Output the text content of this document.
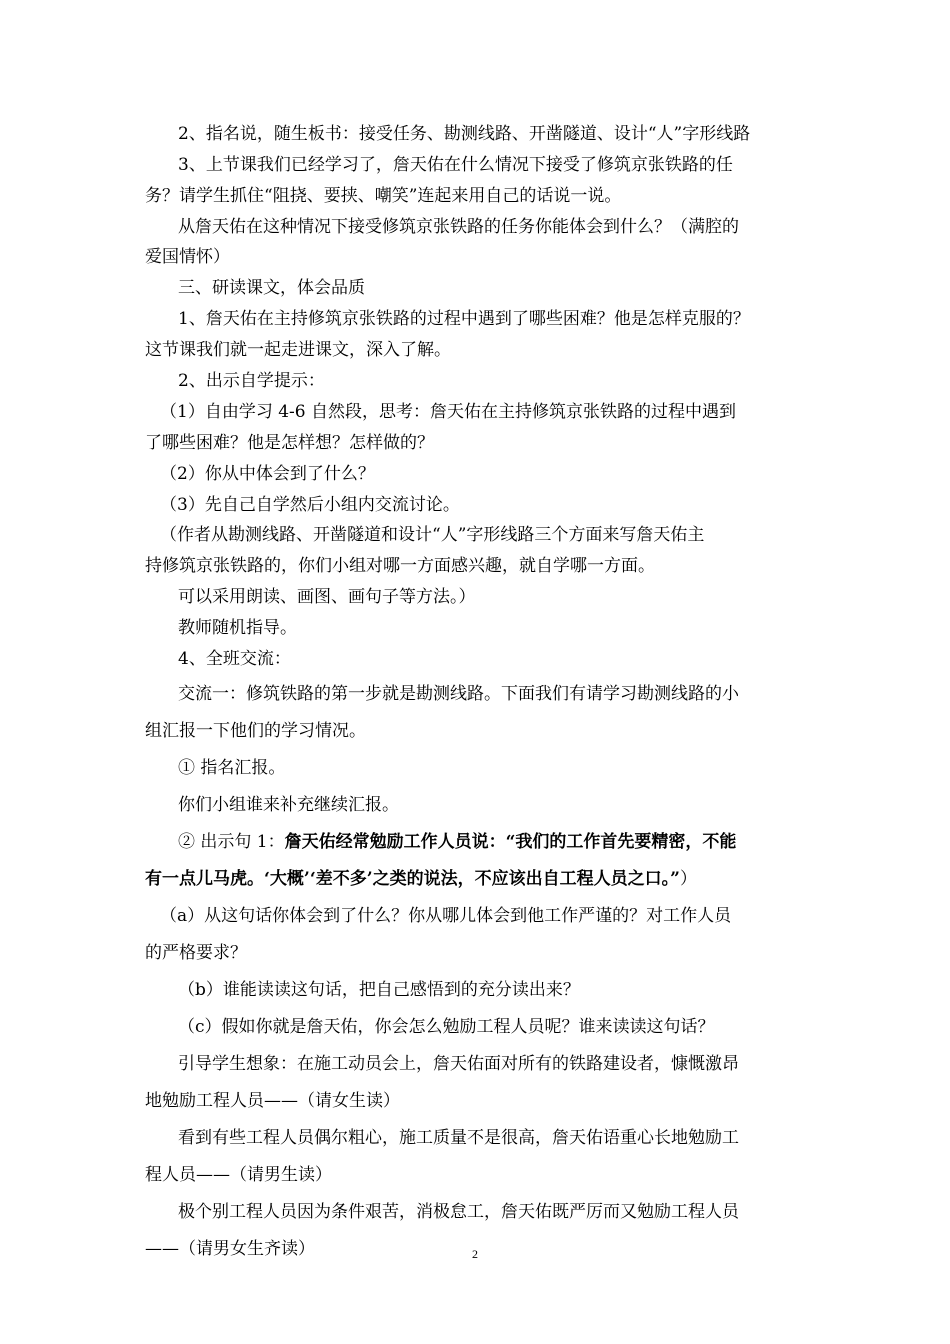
2、指名说，随生板书：接受任务、勘测线路、开凿隧道、设计“人”字形线路
3、上节课我们已经学习了，詹天佑在什么情况下接受了修筑京张铁路的任
务？请学生抓住“阻挠、要挟、嘲笑”连起来用自己的话说一说。
从詹天佑在这种情况下接受修筑京张铁路的任务你能体会到什么？（满腔的
爱国情怀）
三、研读课文，体会品质
1、詹天佑在主持修筑京张铁路的过程中遇到了哪些困难？他是怎样克服的？
这节课我们就一起走进课文，深入了解。
2、出示自学提示：
（1）自由学习 4-6 自然段，思考：詹天佑在主持修筑京张铁路的过程中遇到
了哪些困难？他是怎样想？怎样做的？
（2）你从中体会到了什么？
（3）先自己自学然后小组内交流讨论。
（作者从勘测线路、开凿隧道和设计“人”字形线路三个方面来写詹天佑主
持修筑京张铁路的，你们小组对哪一方面感兴趣，就自学哪一方面。
可以采用朗读、画图、画句子等方法。）
教师随机指导。
4、全班交流：
交流一：修筑铁路的第一步就是勘测线路。下面我们有请学习勘测线路的小
组汇报一下他们的学习情况。
① 指名汇报。
你们小组谁来补充继续汇报。
② 出示句 1：詹天佑经常勉励工作人员说：“我们的工作首先要精密，不能
有一点儿马虎。‘大概’‘差不多’之类的说法，不应该出自工程人员之口。”）
（a）从这句话你体会到了什么？你从哪儿体会到他工作严谨的？对工作人员
的严格要求？
（b）谁能读读这句话，把自己感悟到的充分读出来？
（c）假如你就是詹天佑，你会怎么勉励工程人员呢？谁来读读这句话？
引导学生想象：在施工动员会上，詹天佑面对所有的铁路建设者，慷慨激昂
地勉励工程人员——（请女生读）
看到有些工程人员偶尔粗心，施工质量不是很高，詹天佑语重心长地勉励工
程人员——（请男生读）
极个别工程人员因为条件艰苦，消极怠工，詹天佑既严厉而又勉励工程人员
——（请男女生齐读）	2
